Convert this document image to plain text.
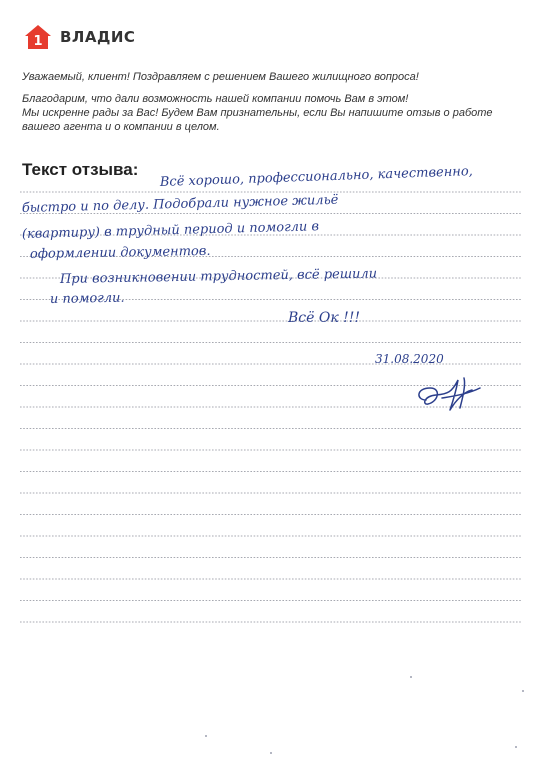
1 ВЛАДИС

Уважаемый, клиент! Поздравляем с решением Вашего жилищного вопроса!

Благодарим, что дали возможность нашей компании помочь Вам в этом!

Мы искренне рады за Вас! Будем Вам признательны, если Вы напишите отзыв о работе

вашего агента и о компании в целом.

Текст отзыва: Всё хорошо, профессионально, качественно,
быстро и по делу. Подобрали нужное жильё
(квартиру) в трудный период и помогли в
оформлении документов.
При возникновении трудностей, всё решили
и помогли.
Всё Ок !!!
31.08.2020
